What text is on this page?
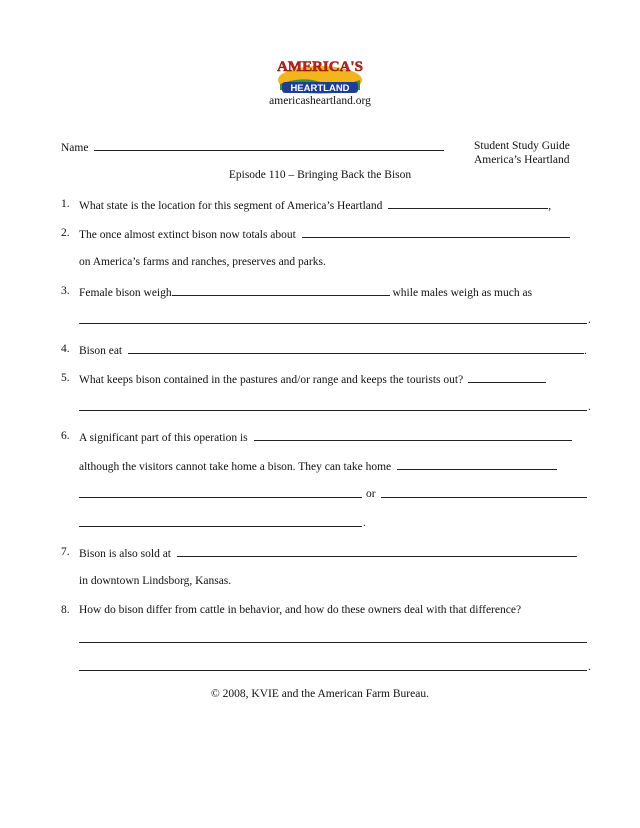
AMERICA'S
HEARTLAND
americasheartland.org
Name	Student Study Guide
America’s Heartland
Episode 110 – Bringing Back the Bison
1. What state is the location for this segment of America’s Heartland	,
2. The once almost extinct bison now totals about
on America’s farms and ranches, preserves and parks.
3. Female bison weigh	while males weigh as much as
.
4. Bison eat	.
5. What keeps bison contained in the pastures and/or range and keeps the tourists out?
.
6. A significant part of this operation is
although the visitors cannot take home a bison. They can take home
or
.
7. Bison is also sold at
in downtown Lindsborg, Kansas.
8. How do bison differ from cattle in behavior, and how do these owners deal with that difference?
.
© 2008, KVIE and the American Farm Bureau.
